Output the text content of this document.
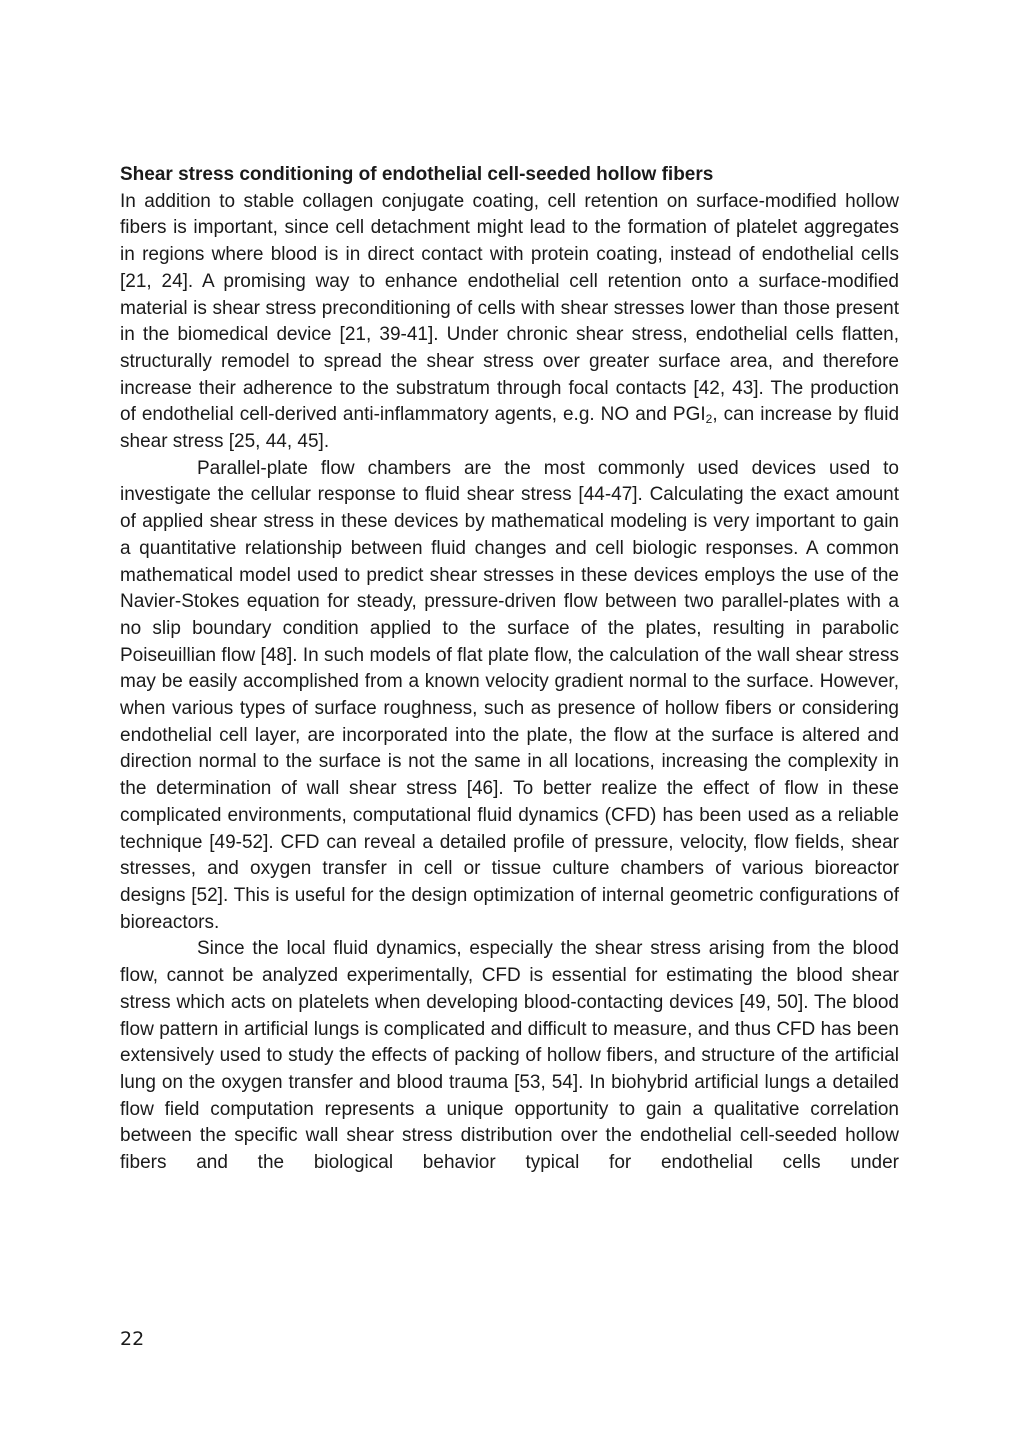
Shear stress conditioning of endothelial cell-seeded hollow fibers

In addition to stable collagen conjugate coating, cell retention on surface-modified hollow fibers is important, since cell detachment might lead to the formation of platelet aggregates in regions where blood is in direct contact with protein coating, instead of endothelial cells [21, 24]. A promising way to enhance endothelial cell retention onto a surface-modified material is shear stress preconditioning of cells with shear stresses lower than those present in the biomedical device [21, 39-41]. Under chronic shear stress, endothelial cells flatten, structurally remodel to spread the shear stress over greater surface area, and therefore increase their adherence to the substratum through focal contacts [42, 43]. The production of endothelial cell-derived anti-inflammatory agents, e.g. NO and $PGI_2$, can increase by fluid shear stress [25, 44, 45].

Parallel-plate flow chambers are the most commonly used devices used to investigate the cellular response to fluid shear stress [44-47]. Calculating the exact amount of applied shear stress in these devices by mathematical modeling is very important to gain a quantitative relationship between fluid changes and cell biologic responses. A common mathematical model used to predict shear stresses in these devices employs the use of the Navier-Stokes equation for steady, pressure-driven flow between two parallel-plates with a no slip boundary condition applied to the surface of the plates, resulting in parabolic Poiseuillian flow [48]. In such models of flat plate flow, the calculation of the wall shear stress may be easily accomplished from a known velocity gradient normal to the surface. However, when various types of surface roughness, such as presence of hollow fibers or considering endothelial cell layer, are incorporated into the plate, the flow at the surface is altered and direction normal to the surface is not the same in all locations, increasing the complexity in the determination of wall shear stress [46]. To better realize the effect of flow in these complicated environments, computational fluid dynamics (CFD) has been used as a reliable technique [49-52]. CFD can reveal a detailed profile of pressure, velocity, flow fields, shear stresses, and oxygen transfer in cell or tissue culture chambers of various bioreactor designs [52]. This is useful for the design optimization of internal geometric configurations of bioreactors.

Since the local fluid dynamics, especially the shear stress arising from the blood flow, cannot be analyzed experimentally, CFD is essential for estimating the blood shear stress which acts on platelets when developing blood-contacting devices [49, 50]. The blood flow pattern in artificial lungs is complicated and difficult to measure, and thus CFD has been extensively used to study the effects of packing of hollow fibers, and structure of the artificial lung on the oxygen transfer and blood trauma [53, 54]. In biohybrid artificial lungs a detailed flow field computation represents a unique opportunity to gain a qualitative correlation between the specific wall shear stress distribution over the endothelial cell-seeded hollow fibers and the biological behavior typical for endothelial cells under

22
